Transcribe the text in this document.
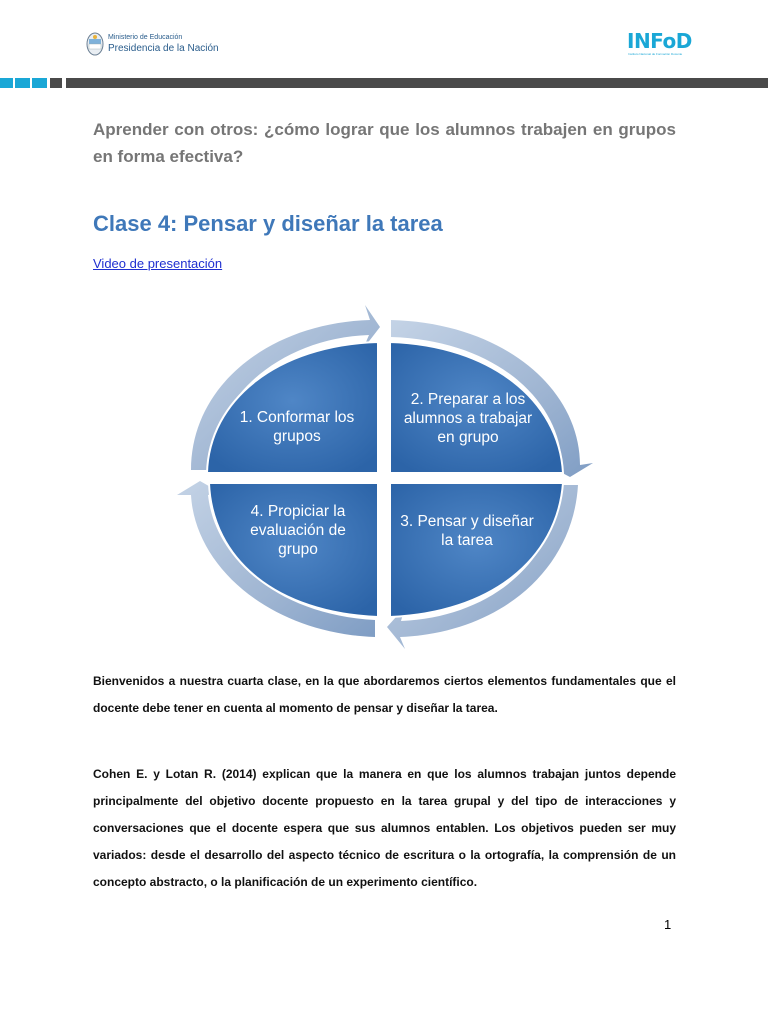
Ministerio de Educación
Presidencia de la Nación	INFoD
Instituto Nacional de Formación Docente
Aprender con otros: ¿cómo lograr que los alumnos trabajen en grupos en forma efectiva?
Clase 4: Pensar y diseñar la tarea
Video de presentación
1. Conformar los grupos
2. Preparar a los alumnos a trabajar en grupo
3. Pensar y diseñar la tarea
4. Propiciar la evaluación de grupo
Bienvenidos a nuestra cuarta clase, en la que abordaremos ciertos elementos fundamentales que el docente debe tener en cuenta al momento de pensar y diseñar la tarea.
Cohen E. y Lotan R. (2014) explican que la manera en que los alumnos trabajan juntos depende principalmente del objetivo docente propuesto en la tarea grupal y del tipo de interacciones y conversaciones que el docente espera que sus alumnos entablen. Los objetivos pueden ser muy variados: desde el desarrollo del aspecto técnico de escritura o la ortografía, la comprensión de un concepto abstracto, o la planificación de un experimento científico.
1
